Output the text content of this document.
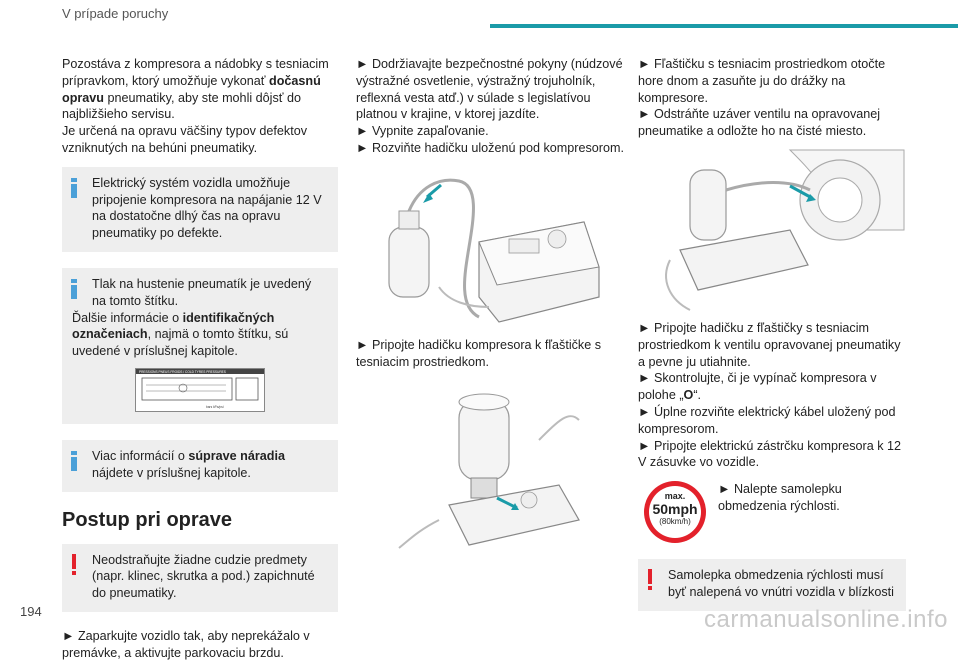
V prípade poruchy

Pozostáva z kompresora a nádobky s tesniacim prípravkom, ktorý umožňuje vykonať dočasnú opravu pneumatiky, aby ste mohli dôjsť do najbližšieho servisu.
Je určená na opravu väčšiny typov defektov vzniknutých na behúni pneumatiky.

Elektrický systém vozidla umožňuje pripojenie kompresora na napájanie 12 V na dostatočne dlhý čas na opravu pneumatiky po defekte.

Tlak na hustenie pneumatík je uvedený na tomto štítku.

Ďalšie informácie o identifikačných označeniach, najmä o tomto štítku, sú uvedené v príslušnej kapitole.

PRESSIONS PNEUS FROIDS / COLD TYRES PRESSURES
bars kPa/psi

Viac informácií o súprave náradia nájdete v príslušnej kapitole.

Postup pri oprave

Neodstraňujte žiadne cudzie predmety (napr. klinec, skrutka a pod.) zapichnuté do pneumatiky.

► Zaparkujte vozidlo tak, aby neprekážalo v premávke, a aktivujte parkovaciu brzdu.

► Dodržiavajte bezpečnostné pokyny (núdzové výstražné osvetlenie, výstražný trojuholník, reflexná vesta atď.) v súlade s legislatívou platnou v krajine, v ktorej jazdíte.
► Vypnite zapaľovanie.
► Rozviňte hadičku uloženú pod kompresorom.

► Pripojte hadičku kompresora k fľaštičke s tesniacim prostriedkom.

► Fľaštičku s tesniacim prostriedkom otočte hore dnom a zasuňte ju do drážky na kompresore.
► Odstráňte uzáver ventilu na opravovanej pneumatike a odložte ho na čisté miesto.

► Pripojte hadičku z fľaštičky s tesniacim prostriedkom k ventilu opravovanej pneumatiky a pevne ju utiahnite.
► Skontrolujte, či je vypínač kompresora v polohe „O“.
► Úplne rozviňte elektrický kábel uložený pod kompresorom.
► Pripojte elektrickú zástrčku kompresora k 12 V zásuvke vo vozidle.

max.
50mph
(80km/h)
► Nalepte samolepku obmedzenia rýchlosti.

Samolepka obmedzenia rýchlosti musí byť nalepená vo vnútri vozidla v blízkosti

194	carmanualsonline.info
